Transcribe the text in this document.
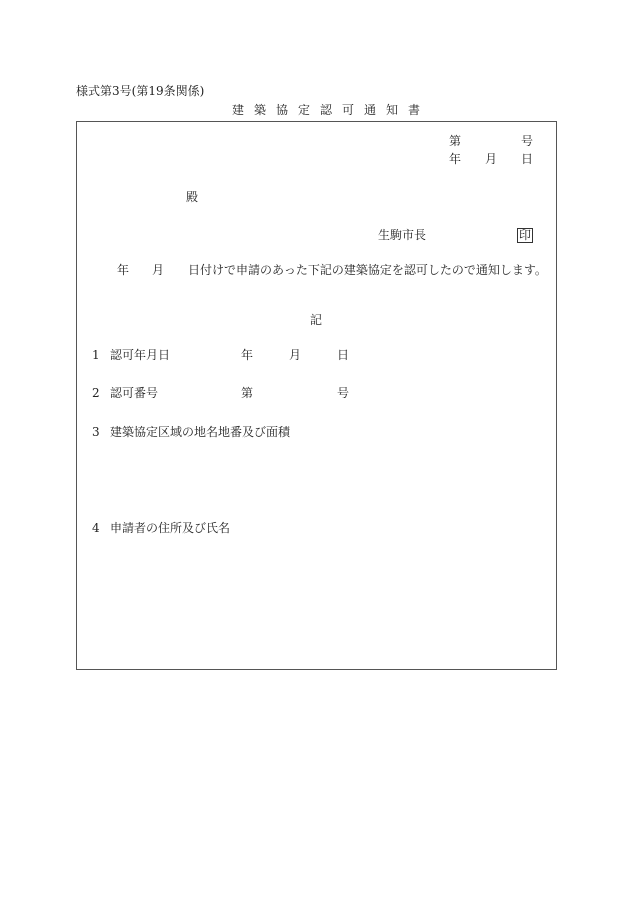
様式第3号(第19条関係)
建築協定認可通知書
第	号
年 月 日
殿
生駒市長	印
年 月 日付けで申請のあった下記の建築協定を認可したので通知します。
記
1 認可年月日	年	月	日
2 認可番号	第	号
3 建築協定区域の地名地番及び面積
4 申請者の住所及び氏名
